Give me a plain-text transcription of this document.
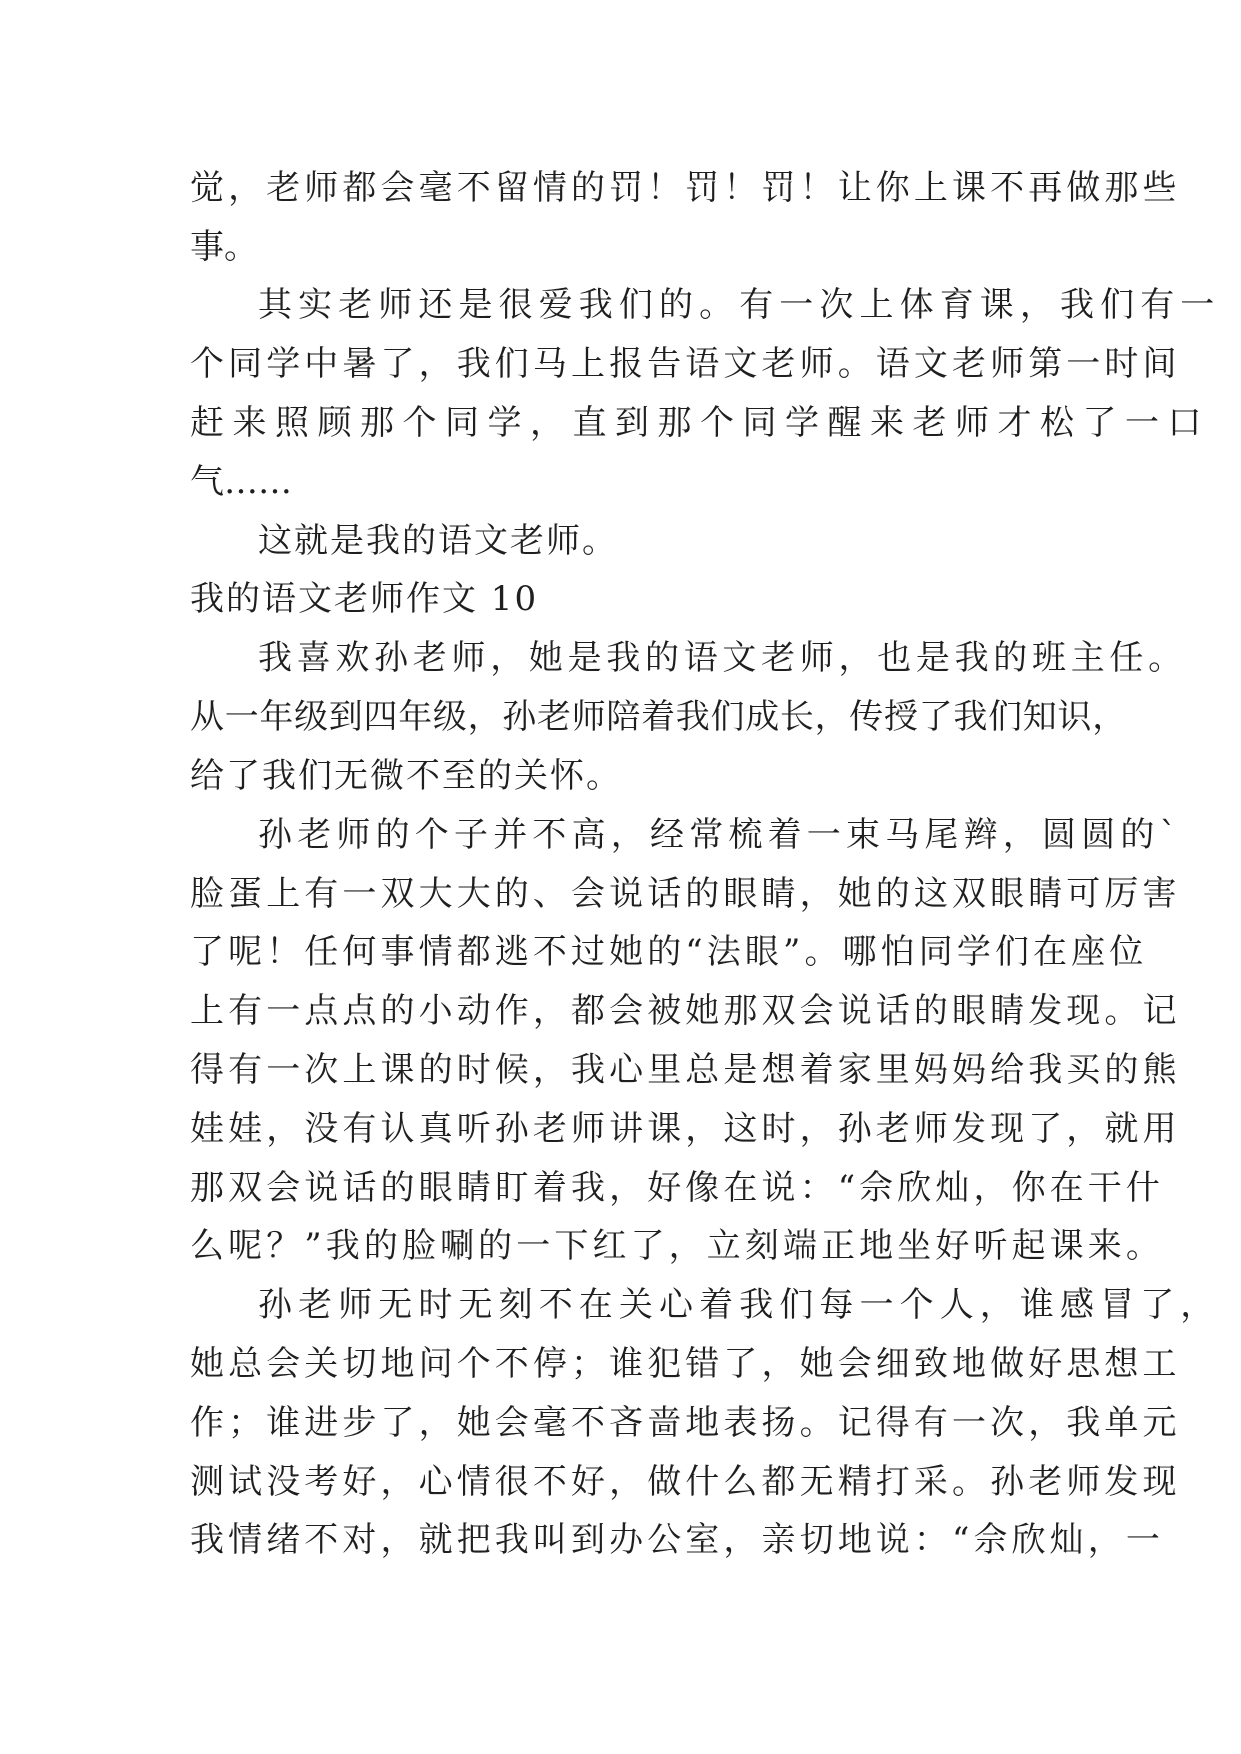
觉，老师都会毫不留情的罚！罚！罚！让你上课不再做那些
事。
其实老师还是很爱我们的。有一次上体育课，我们有一
个同学中暑了，我们马上报告语文老师。语文老师第一时间
赶来照顾那个同学，直到那个同学醒来老师才松了一口
气……
这就是我的语文老师。
我的语文老师作文 10
我喜欢孙老师，她是我的语文老师，也是我的班主任。
从一年级到四年级，孙老师陪着我们成长，传授了我们知识，
给了我们无微不至的关怀。
孙老师的个子并不高，经常梳着一束马尾辫，圆圆的`
脸蛋上有一双大大的、会说话的眼睛，她的这双眼睛可厉害
了呢！任何事情都逃不过她的“法眼”。哪怕同学们在座位
上有一点点的小动作，都会被她那双会说话的眼睛发现。记
得有一次上课的时候，我心里总是想着家里妈妈给我买的熊
娃娃，没有认真听孙老师讲课，这时，孙老师发现了，就用
那双会说话的眼睛盯着我，好像在说：“佘欣灿，你在干什
么呢？”我的脸唰的一下红了，立刻端正地坐好听起课来。
孙老师无时无刻不在关心着我们每一个人，谁感冒了，
她总会关切地问个不停；谁犯错了，她会细致地做好思想工
作；谁进步了，她会毫不吝啬地表扬。记得有一次，我单元
测试没考好，心情很不好，做什么都无精打采。孙老师发现
我情绪不对，就把我叫到办公室，亲切地说：“佘欣灿，一
